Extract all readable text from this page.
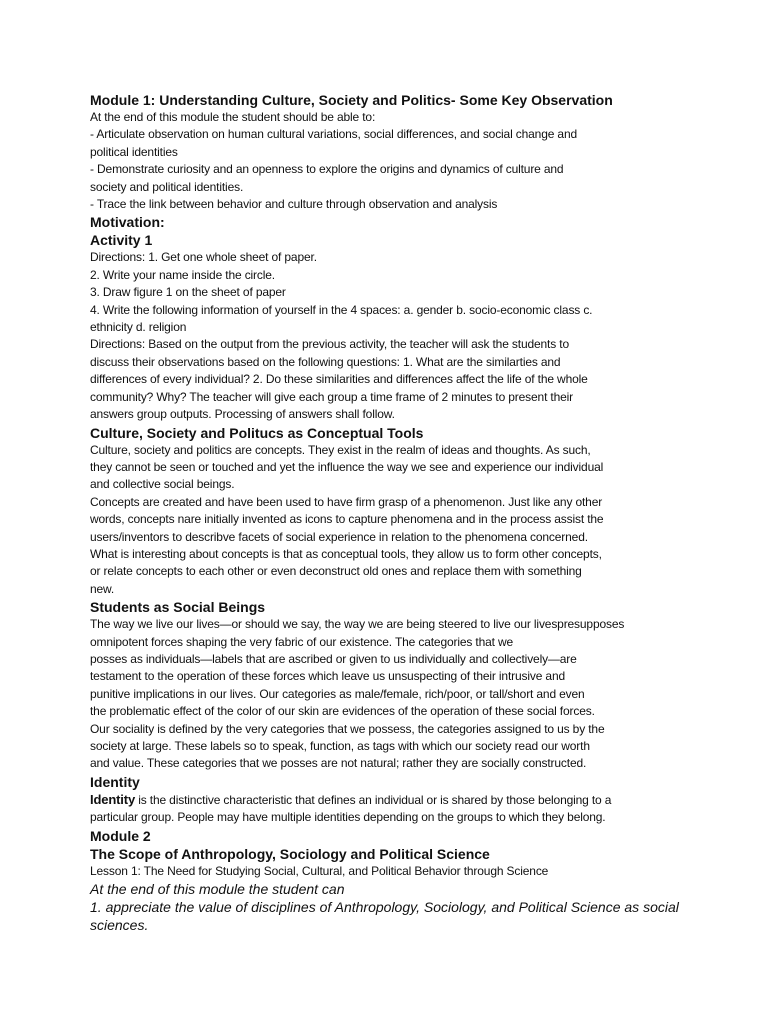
Module 1: Understanding Culture, Society and Politics- Some Key Observation
At the end of this module the student should be able to:
- Articulate observation on human cultural variations, social differences, and social change and
political identities
- Demonstrate curiosity and an openness to explore the origins and dynamics of culture and
society and political identities.
- Trace the link between behavior and culture through observation and analysis
Motivation:
Activity 1
Directions: 1. Get one whole sheet of paper.
2. Write your name inside the circle.
3. Draw figure 1 on the sheet of paper
4. Write the following information of yourself in the 4 spaces: a. gender b. socio-economic class c.
ethnicity d. religion
Directions: Based on the output from the previous activity, the teacher will ask the students to
discuss their observations based on the following questions: 1. What are the similarties and
differences of every individual? 2. Do these similarities and differences affect the life of the whole
community? Why? The teacher will give each group a time frame of 2 minutes to present their
answers group outputs. Processing of answers shall follow.
Culture, Society and Politucs as Conceptual Tools
Culture, society and politics are concepts. They exist in the realm of ideas and thoughts. As such,
they cannot be seen or touched and yet the influence the way we see and experience our individual
and collective social beings.
Concepts are created and have been used to have firm grasp of a phenomenon. Just like any other
words, concepts nare initially invented as icons to capture phenomena and in the process assist the
users/inventors to describve facets of social experience in relation to the phenomena concerned.
What is interesting about concepts is that as conceptual tools, they allow us to form other concepts,
or relate concepts to each other or even deconstruct old ones and replace them with something
new.
Students as Social Beings
The way we live our lives—or should we say, the way we are being steered to live our livespresupposes
omnipotent forces shaping the very fabric of our existence. The categories that we
posses as individuals—labels that are ascribed or given to us individually and collectively—are
testament to the operation of these forces which leave us unsuspecting of their intrusive and
punitive implications in our lives. Our categories as male/female, rich/poor, or tall/short and even
the problematic effect of the color of our skin are evidences of the operation of these social forces.
Our sociality is defined by the very categories that we possess, the categories assigned to us by the
society at large. These labels so to speak, function, as tags with which our society read our worth
and value. These categories that we posses are not natural; rather they are socially constructed.
Identity
Identity is the distinctive characteristic that defines an individual or is shared by those belonging to a
particular group. People may have multiple identities depending on the groups to which they belong.
Module 2
The Scope of Anthropology, Sociology and Political Science
Lesson 1: The Need for Studying Social, Cultural, and Political Behavior through Science
At the end of this module the student can
1. appreciate the value of disciplines of Anthropology, Sociology, and Political Science as social
sciences.
